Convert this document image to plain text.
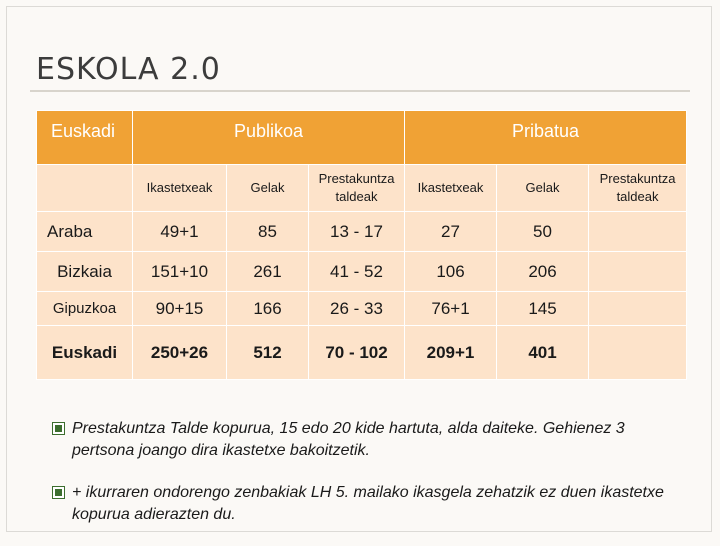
ESKOLA 2.0
Euskadi	Publikoa			Pribatua		
	Ikastetxeak	Gelak	Prestakuntza taldeak	Ikastetxeak	Gelak	Prestakuntza taldeak
Araba	49+1	85	13 - 17	27	50	
Bizkaia	151+10	261	41 - 52	106	206	
Gipuzkoa	90+15	166	26 - 33	76+1	145	
Euskadi	250+26	512	70 - 102	209+1	401	
Prestakuntza Talde kopurua, 15 edo 20 kide hartuta, alda daiteke. Gehienez 3 pertsona joango dira ikastetxe bakoitzetik.
+ ikurraren ondorengo zenbakiak LH 5. mailako ikasgela zehatzik ez duen ikastetxe kopurua adierazten du.
